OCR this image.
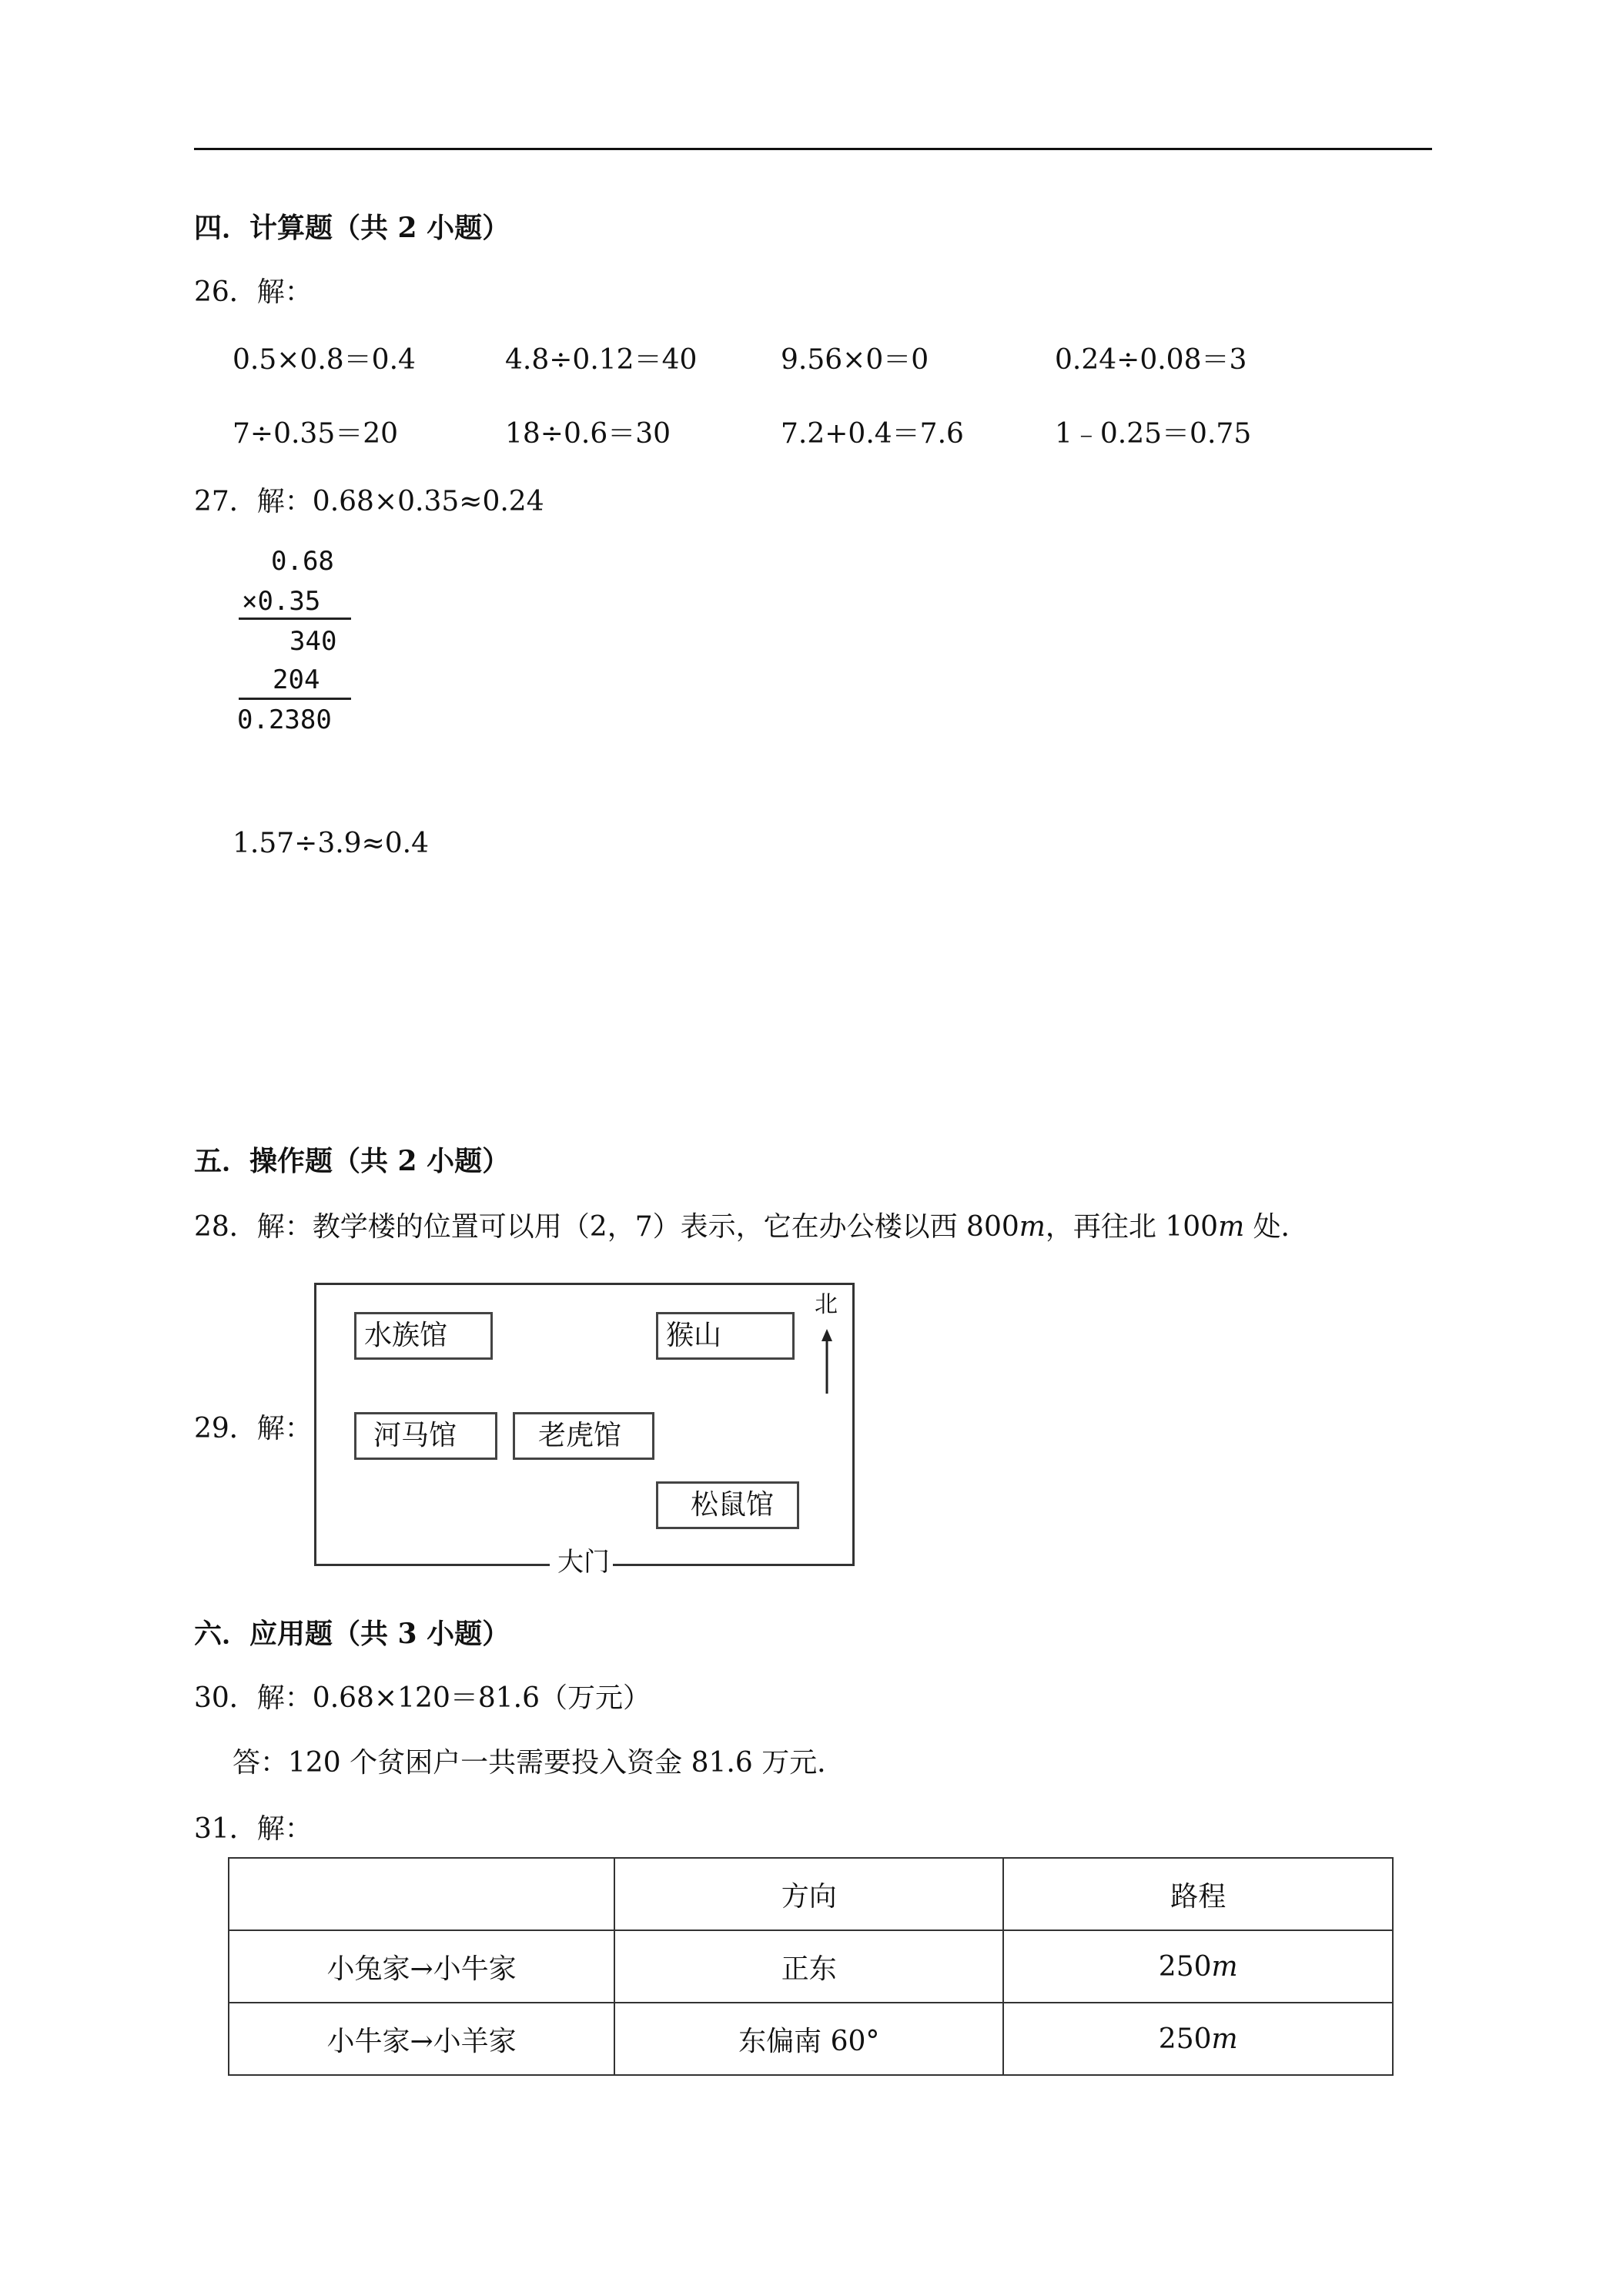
四．计算题（共 2 小题）
26．解：
0.5×0.8＝0.4	4.8÷0.12＝40	9.56×0＝0	0.24÷0.08＝3
7÷0.35＝20	18÷0.6＝30	7.2+0.4＝7.6	1﹣0.25＝0.75
27．解：0.68×0.35≈0.24
0.68
×0.35
340
204
0.2380
1.57÷3.9≈0.4
五．操作题（共 2 小题）
28．解：教学楼的位置可以用（2，7）表示，它在办公楼以西 800m，再往北 100m 处．
29．解：
大门
水族馆	猴山
河马馆	老虎馆
松鼠馆
北
六．应用题（共 3 小题）
30．解：0.68×120＝81.6（万元）
答：120 个贫困户一共需要投入资金 81.6 万元．
31．解：
	方向	路程
小兔家→小牛家	正东	250m
小牛家→小羊家	东偏南 60°	250m
